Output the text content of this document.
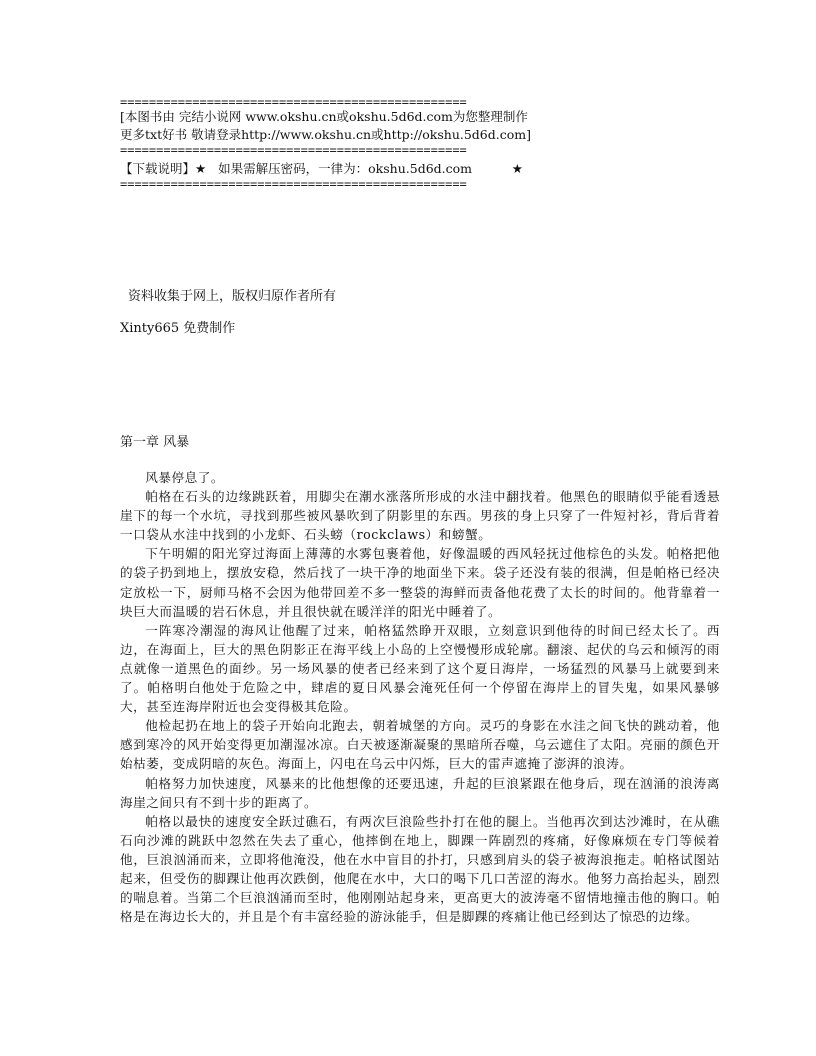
================================================
[本图书由 完结小说网 www.okshu.cn或okshu.5d6d.com为您整理制作
更多txt好书 敬请登录http://www.okshu.cn或http://okshu.5d6d.com]
================================================
【下载说明】★ 如果需解压密码，一律为：okshu.5d6d.com	★
================================================
资料收集于网上，版权归原作者所有
Xinty665 免费制作
第一章 风暴

风暴停息了。

帕格在石头的边缘跳跃着，用脚尖在潮水涨落所形成的水洼中翻找着。他黑色的眼睛似乎能看透悬崖下的每一个水坑，寻找到那些被风暴吹到了阴影里的东西。男孩的身上只穿了一件短衬衫，背后背着一口袋从水洼中找到的小龙虾、石头螃（rockclaws）和螃蟹。

下午明媚的阳光穿过海面上薄薄的水雾包裹着他，好像温暖的西风轻抚过他棕色的头发。帕格把他的袋子扔到地上，摆放安稳，然后找了一块干净的地面坐下来。袋子还没有装的很满，但是帕格已经决定放松一下，厨师马格不会因为他带回差不多一整袋的海鲜而责备他花费了太长的时间的。他背靠着一块巨大而温暖的岩石休息，并且很快就在暖洋洋的阳光中睡着了。

一阵寒冷潮湿的海风让他醒了过来，帕格猛然睁开双眼，立刻意识到他待的时间已经太长了。西边，在海面上，巨大的黑色阴影正在海平线上小岛的上空慢慢形成轮廓。翻滚、起伏的乌云和倾泻的雨点就像一道黑色的面纱。另一场风暴的使者已经来到了这个夏日海岸，一场猛烈的风暴马上就要到来了。帕格明白他处于危险之中，肆虐的夏日风暴会淹死任何一个停留在海岸上的冒失鬼，如果风暴够大，甚至连海岸附近也会变得极其危险。

他检起扔在地上的袋子开始向北跑去，朝着城堡的方向。灵巧的身影在水洼之间飞快的跳动着，他感到寒冷的风开始变得更加潮湿冰凉。白天被逐渐凝聚的黑暗所吞噬，乌云遮住了太阳。亮丽的颜色开始枯萎，变成阴暗的灰色。海面上，闪电在乌云中闪烁，巨大的雷声遮掩了澎湃的浪涛。

帕格努力加快速度，风暴来的比他想像的还要迅速，升起的巨浪紧跟在他身后，现在汹涌的浪涛离海崖之间只有不到十步的距离了。

帕格以最快的速度安全跃过礁石，有两次巨浪险些扑打在他的腿上。当他再次到达沙滩时，在从礁石向沙滩的跳跃中忽然在失去了重心，他摔倒在地上，脚踝一阵剧烈的疼痛，好像麻烦在专门等候着他，巨浪汹涌而来，立即将他淹没，他在水中盲目的扑打，只感到肩头的袋子被海浪拖走。帕格试图站起来，但受伤的脚踝让他再次跌倒，他爬在水中，大口的喝下几口苦涩的海水。他努力高抬起头，剧烈的喘息着。当第二个巨浪汹涌而至时，他刚刚站起身来，更高更大的波涛毫不留情地撞击他的胸口。帕格是在海边长大的，并且是个有丰富经验的游泳能手，但是脚踝的疼痛让他已经到达了惊恐的边缘。
